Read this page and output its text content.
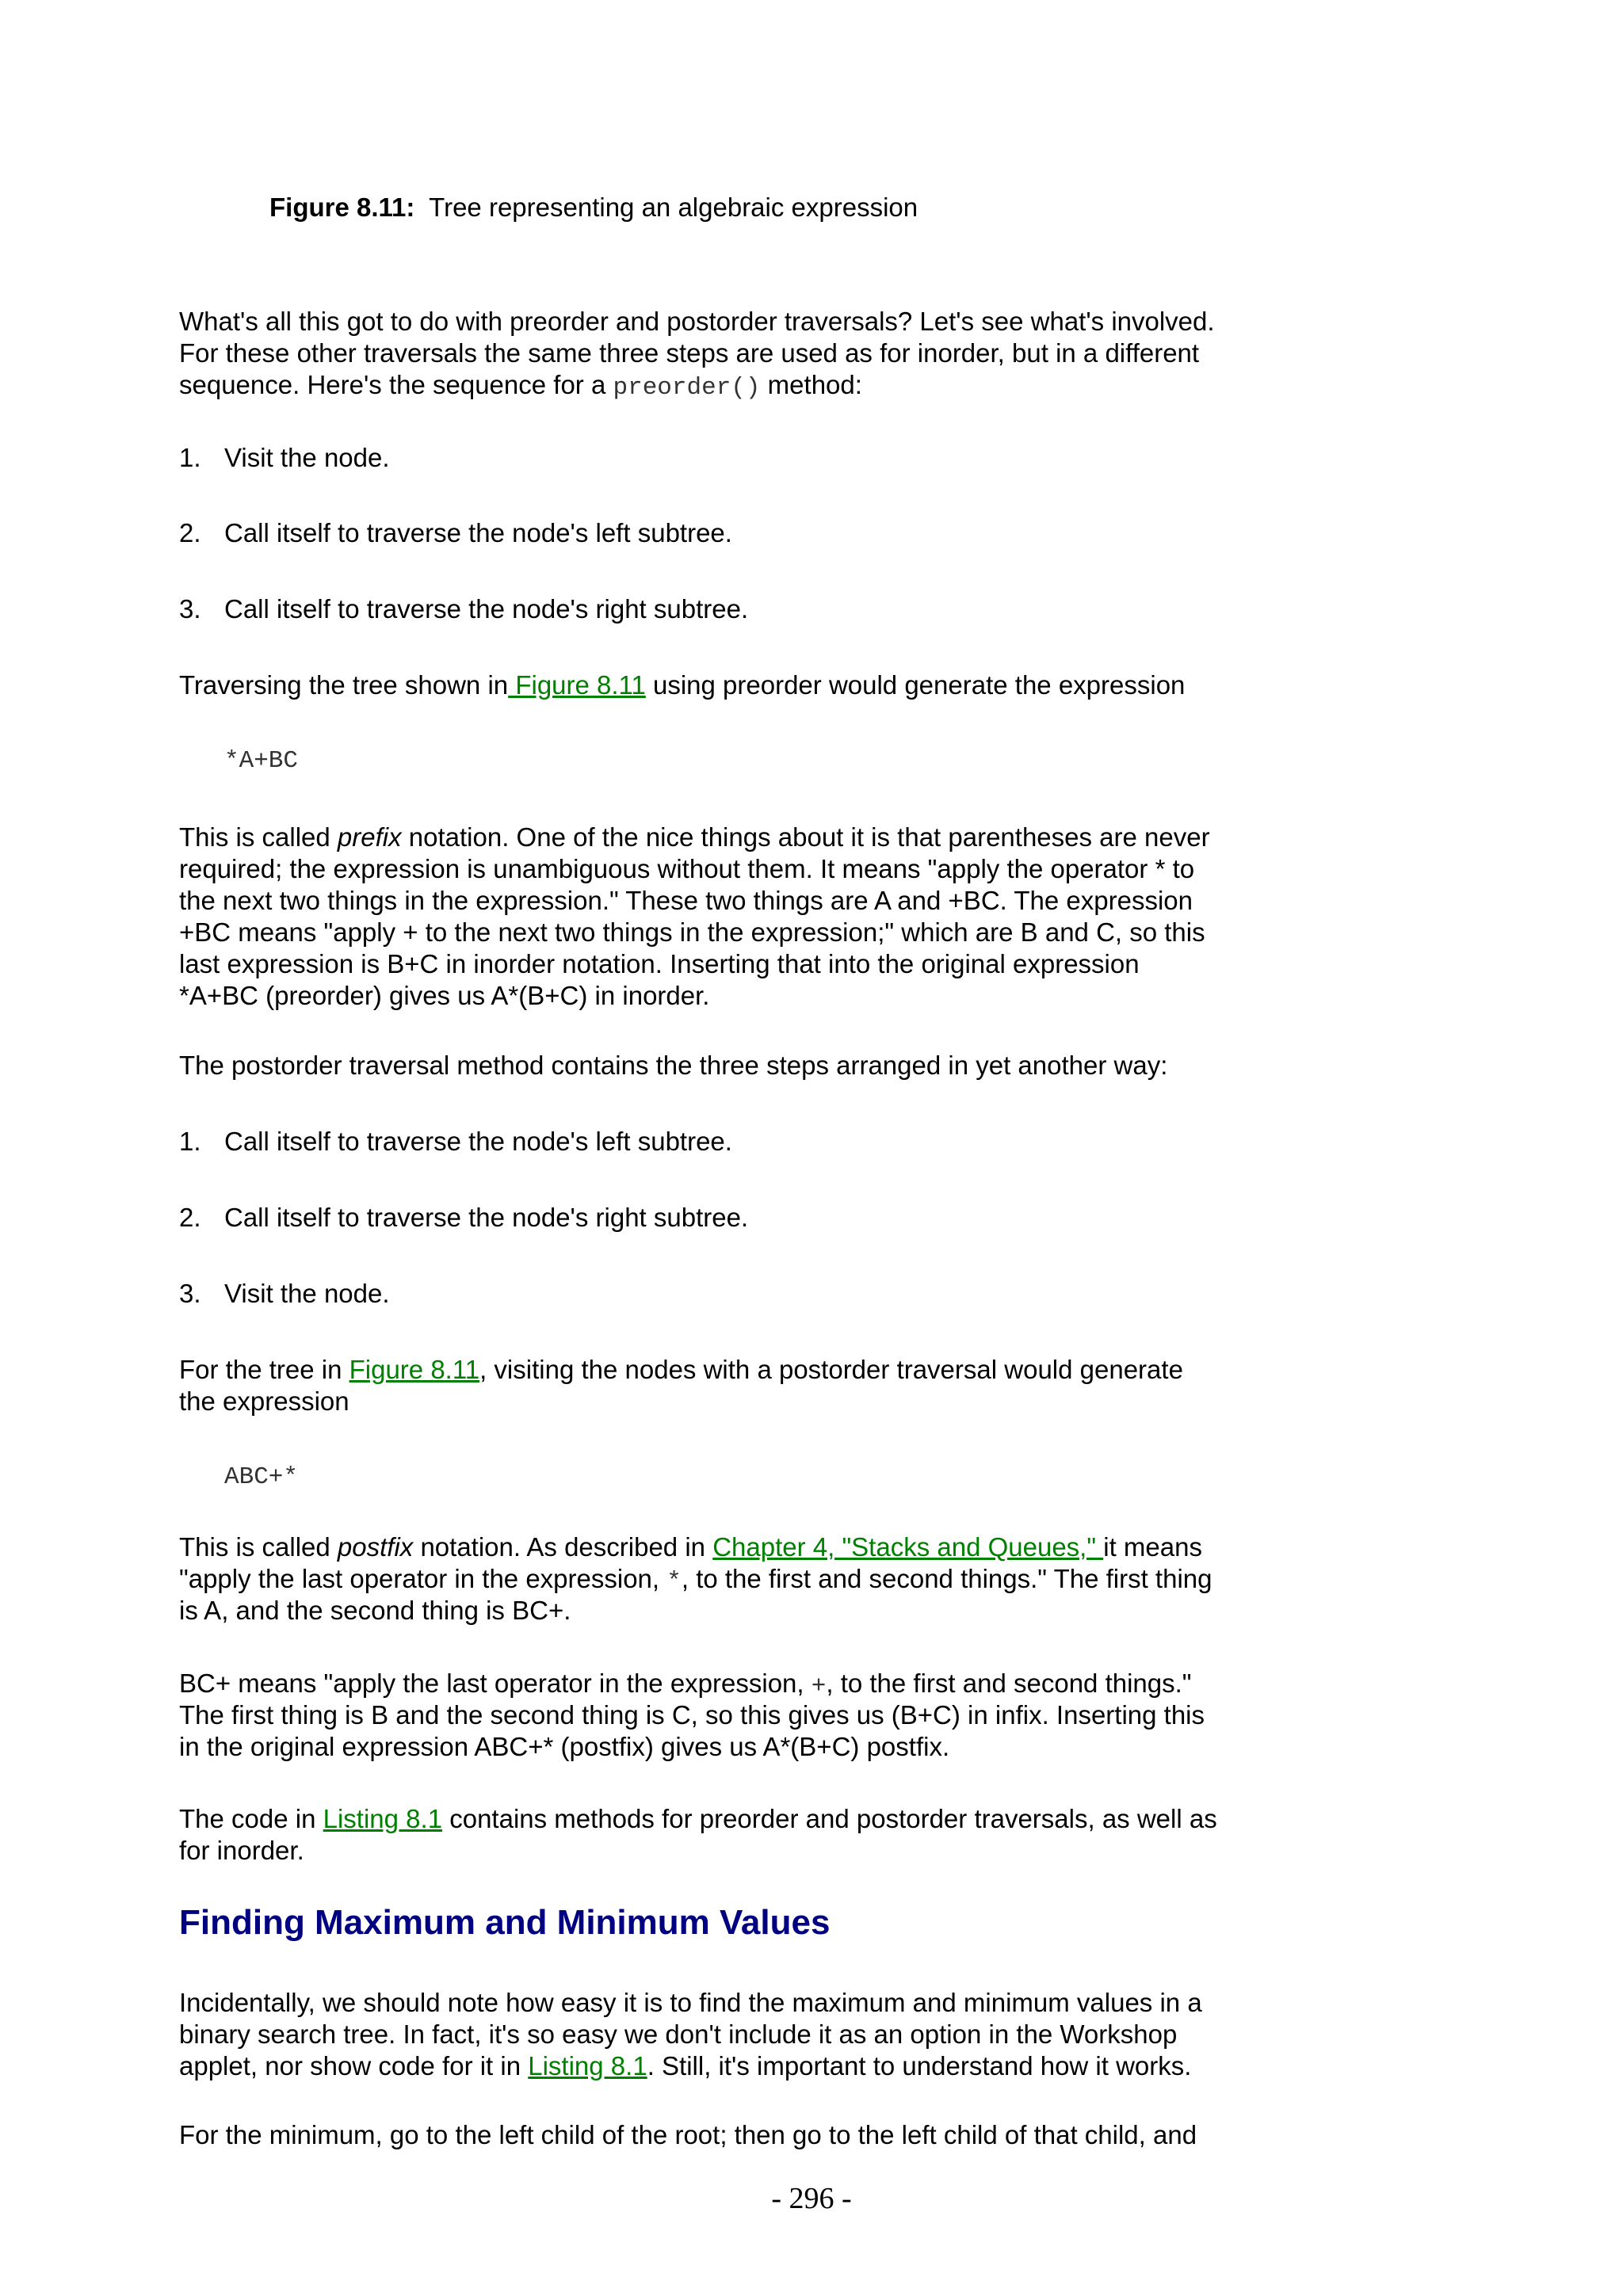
Figure 8.11: Tree representing an algebraic expression
What's all this got to do with preorder and postorder traversals? Let's see what's involved.
For these other traversals the same three steps are used as for inorder, but in a different
sequence. Here's the sequence for a preorder() method:
1. Visit the node.
2. Call itself to traverse the node's left subtree.
3. Call itself to traverse the node's right subtree.
Traversing the tree shown in Figure 8.11 using preorder would generate the expression
*A+BC
This is called prefix notation. One of the nice things about it is that parentheses are never
required; the expression is unambiguous without them. It means "apply the operator * to
the next two things in the expression." These two things are A and +BC. The expression
+BC means "apply + to the next two things in the expression;" which are B and C, so this
last expression is B+C in inorder notation. Inserting that into the original expression
*A+BC (preorder) gives us A*(B+C) in inorder.
The postorder traversal method contains the three steps arranged in yet another way:
1. Call itself to traverse the node's left subtree.
2. Call itself to traverse the node's right subtree.
3. Visit the node.
For the tree in Figure 8.11, visiting the nodes with a postorder traversal would generate
the expression
ABC+*
This is called postfix notation. As described in Chapter 4, "Stacks and Queues," it means
"apply the last operator in the expression, *, to the first and second things." The first thing
is A, and the second thing is BC+.
BC+ means "apply the last operator in the expression, +, to the first and second things."
The first thing is B and the second thing is C, so this gives us (B+C) in infix. Inserting this
in the original expression ABC+* (postfix) gives us A*(B+C) postfix.
The code in Listing 8.1 contains methods for preorder and postorder traversals, as well as
for inorder.
Finding Maximum and Minimum Values
Incidentally, we should note how easy it is to find the maximum and minimum values in a
binary search tree. In fact, it's so easy we don't include it as an option in the Workshop
applet, nor show code for it in Listing 8.1. Still, it's important to understand how it works.
For the minimum, go to the left child of the root; then go to the left child of that child, and
- 296 -
